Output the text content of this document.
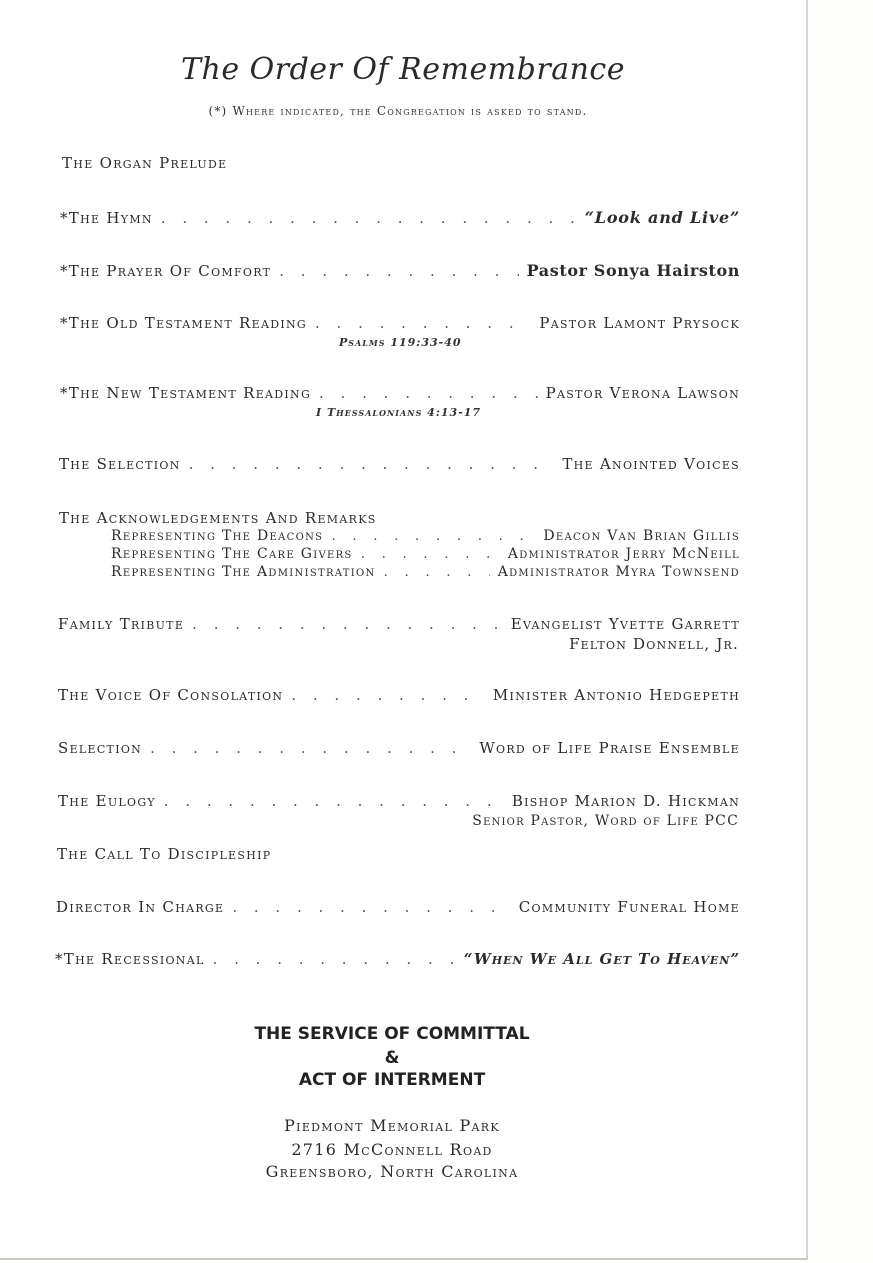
The Order Of Remembrance
(*) Where indicated, the Congregation is asked to stand.
The Organ Prelude
*The Hymn . . .	“Look and Live”
*The Prayer Of Comfort . . .	Pastor Sonya Hairston
*The Old Testament Reading . . .	Pastor Lamont Prysock
Psalms 119:33-40
*The New Testament Reading . . .	Pastor Verona Lawson
I Thessalonians 4:13-17
The Selection . . .	The Anointed Voices
The Acknowledgements And Remarks
Representing The Deacons . . .	Deacon Van Brian Gillis
Representing The Care Givers . . .	Administrator Jerry McNeill
Representing The Administration . . .	Administrator Myra Townsend
Family Tribute . . .	Evangelist Yvette Garrett
Felton Donnell, Jr.
The Voice Of Consolation . . .	Minister Antonio Hedgepeth
Selection . . .	Word of Life Praise Ensemble
The Eulogy . . .	Bishop Marion D. Hickman
Senior Pastor, Word of Life PCC
The Call To Discipleship
Director In Charge . . .	Community Funeral Home
*The Recessional . . .	“When We All Get To Heaven”
THE SERVICE OF COMMITTAL
&
ACT OF INTERMENT
Piedmont Memorial Park
2716 McConnell Road
Greensboro, North Carolina
